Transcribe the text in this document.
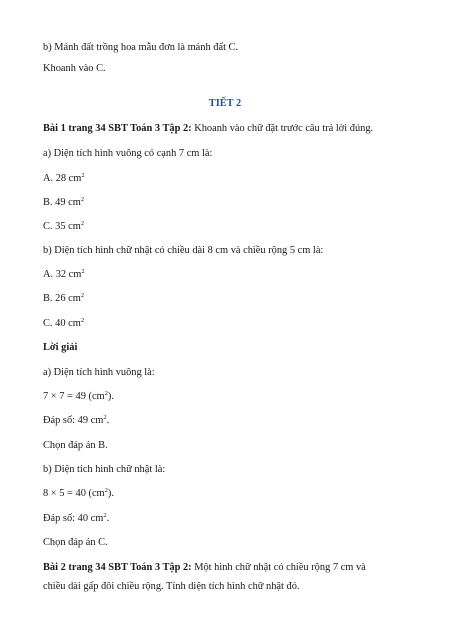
b) Mảnh đất trồng hoa mẫu đơn là mảnh đất C.
Khoanh vào C.
TIẾT 2
Bài 1 trang 34 SBT Toán 3 Tập 2: Khoanh vào chữ đặt trước câu trả lời đúng.
a) Diện tích hình vuông có cạnh 7 cm là:
A. 28 $cm^2$
B. 49 $cm^2$
C. 35 $cm^2$
b) Diện tích hình chữ nhật có chiều dài 8 cm và chiều rộng 5 cm là:
A. 32 $cm^2$
B. 26 $cm^2$
C. 40 $cm^2$
Lời giải
a) Diện tích hình vuông là:
7 × 7 = 49 $(cm^2)$.
Đáp số: 49 $cm^2$.
Chọn đáp án B.
b) Diện tích hình chữ nhật là:
8 × 5 = 40 $(cm^2)$.
Đáp số: 40 $cm^2$.
Chọn đáp án C.
Bài 2 trang 34 SBT Toán 3 Tập 2: Một hình chữ nhật có chiều rộng 7 cm và
chiều dài gấp đôi chiều rộng. Tính diện tích hình chữ nhật đó.
